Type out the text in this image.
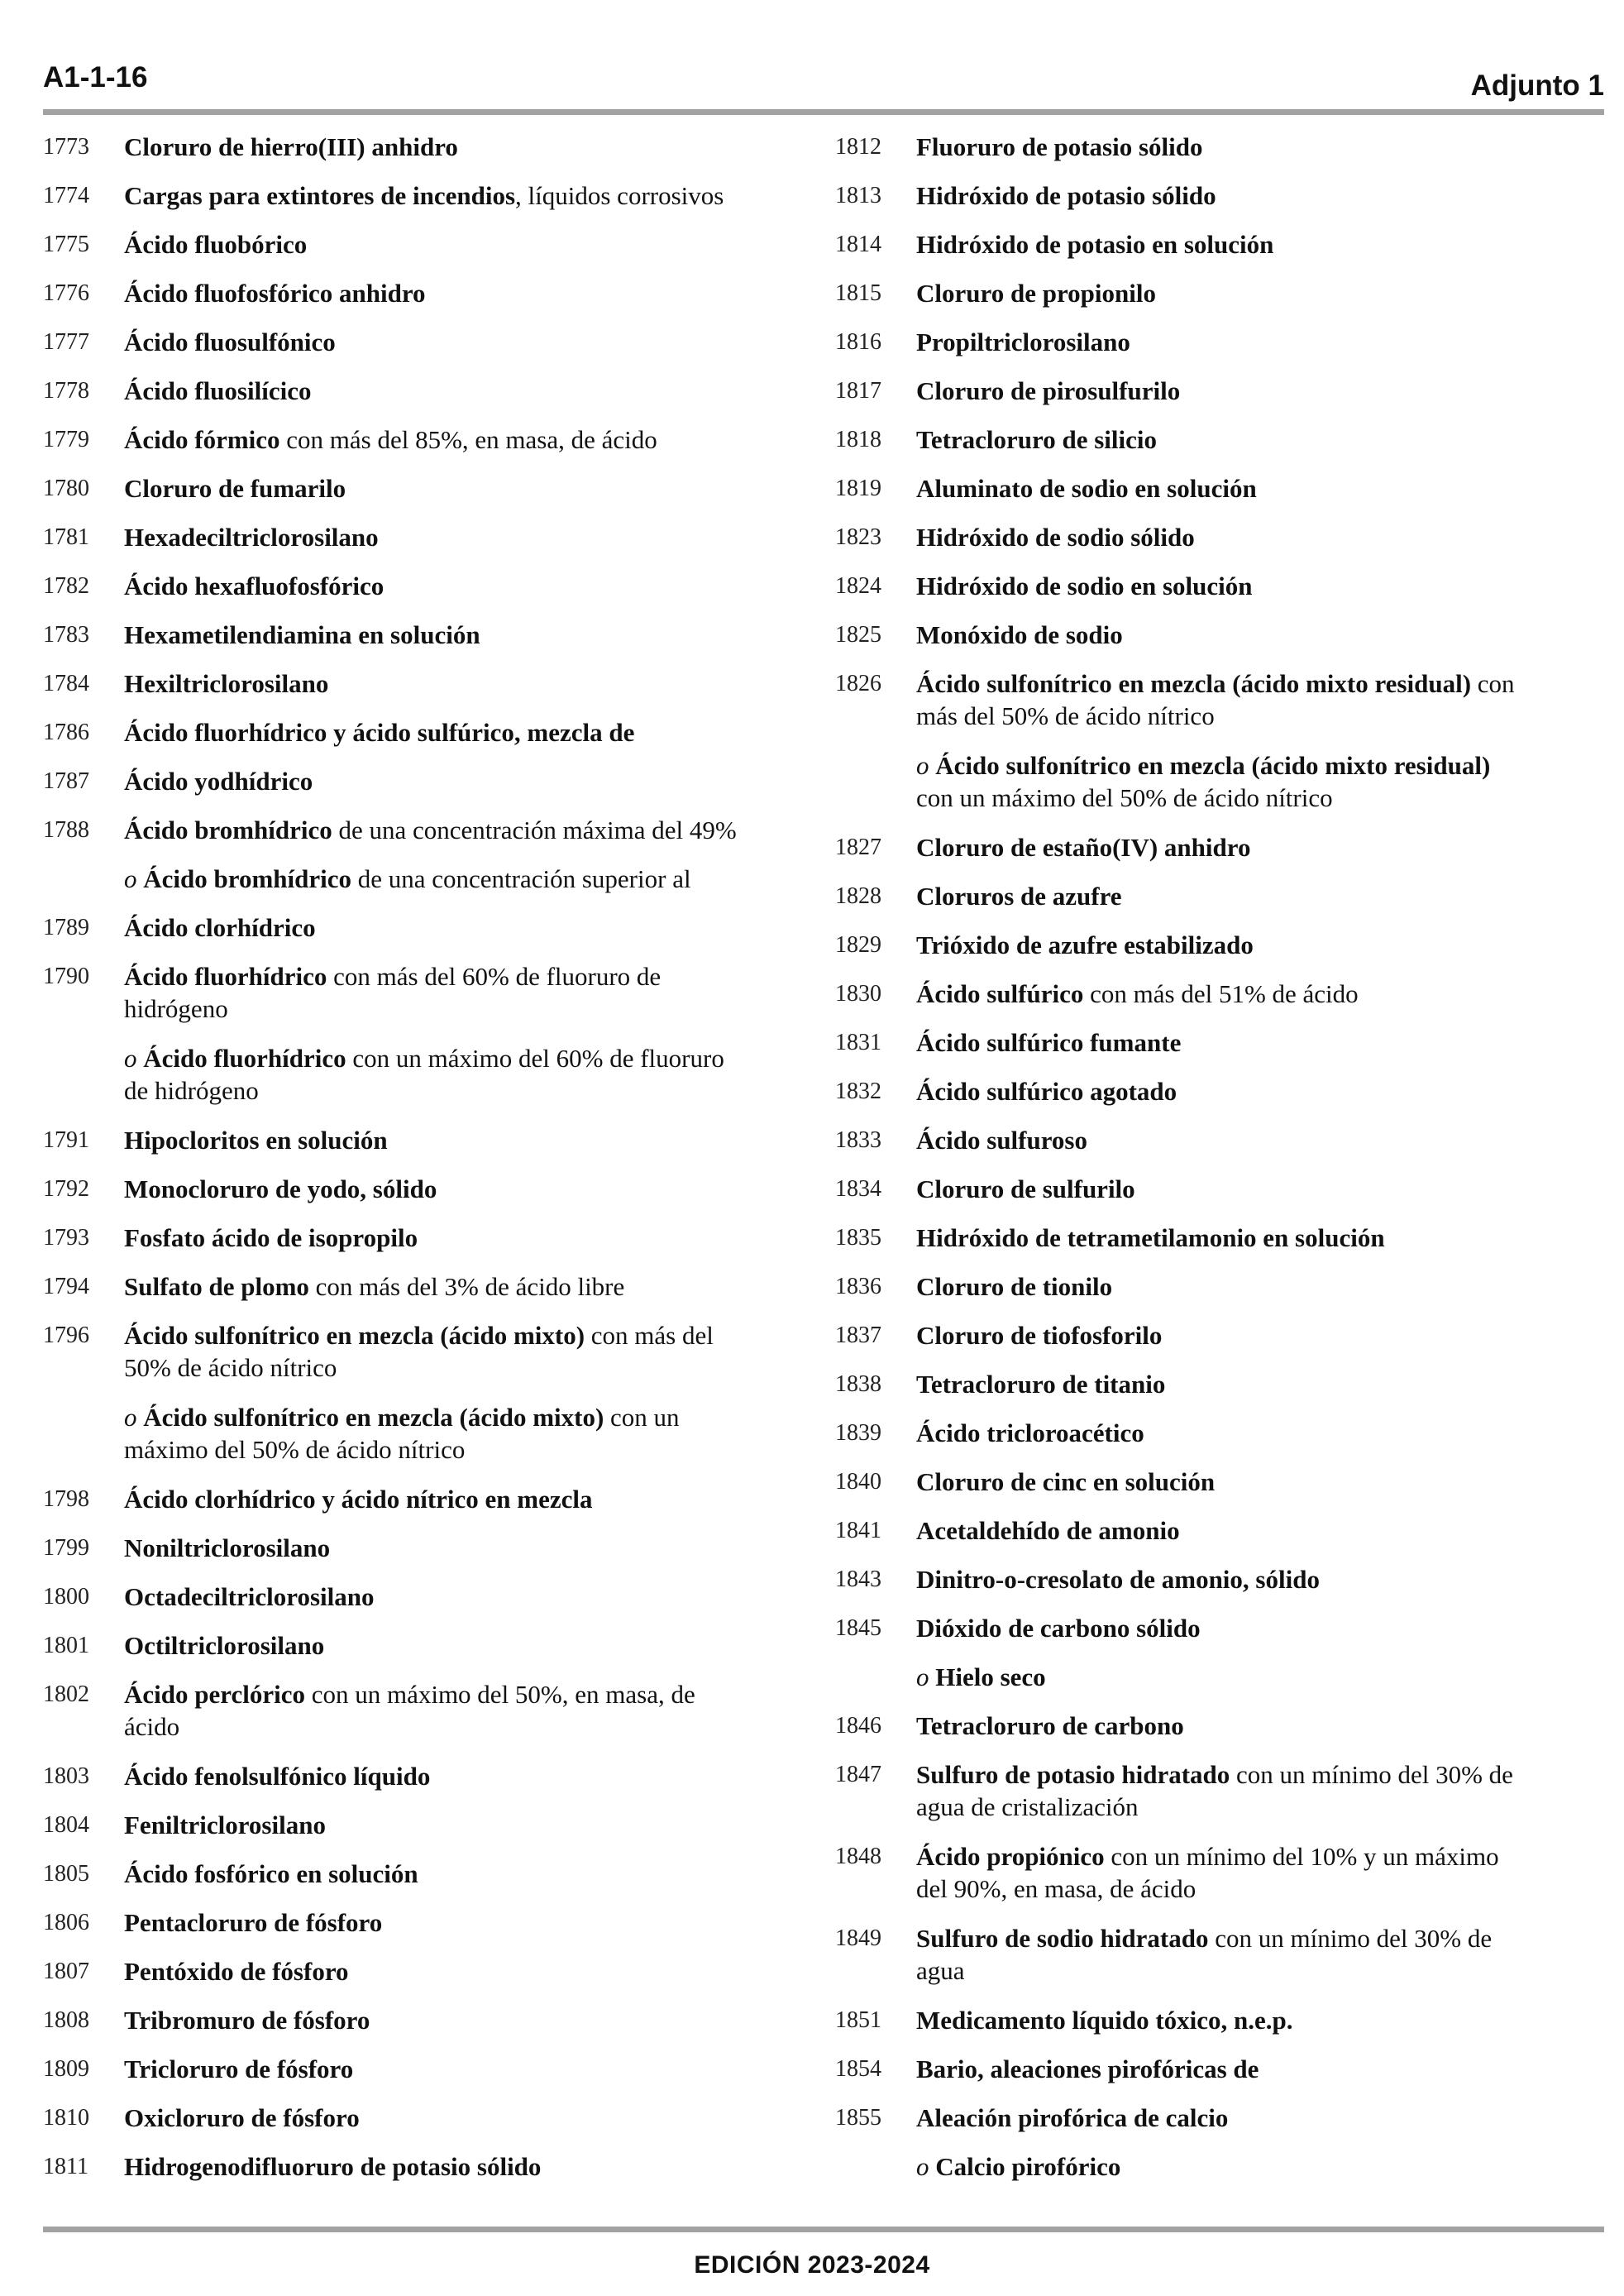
A1-1-16	Adjunto 1
1773	Cloruro de hierro(III) anhidro
1774	Cargas para extintores de incendios, líquidos corrosivos
1775	Ácido fluobórico
1776	Ácido fluofosfórico anhidro
1777	Ácido fluosulfónico
1778	Ácido fluosilícico
1779	Ácido fórmico con más del 85%, en masa, de ácido
1780	Cloruro de fumarilo
1781	Hexadeciltriclorosilano
1782	Ácido hexafluofosfórico
1783	Hexametilendiamina en solución
1784	Hexiltriclorosilano
1786	Ácido fluorhídrico y ácido sulfúrico, mezcla de
1787	Ácido yodhídrico
1788	Ácido bromhídrico de una concentración máxima del 49%
o Ácido bromhídrico de una concentración superior al
1789	Ácido clorhídrico
1790	Ácido fluorhídrico con más del 60% de fluoruro de
hidrógeno
o Ácido fluorhídrico con un máximo del 60% de fluoruro
de hidrógeno
1791	Hipocloritos en solución
1792	Monocloruro de yodo, sólido
1793	Fosfato ácido de isopropilo
1794	Sulfato de plomo con más del 3% de ácido libre
1796	Ácido sulfonítrico en mezcla (ácido mixto) con más del
50% de ácido nítrico
o Ácido sulfonítrico en mezcla (ácido mixto) con un
máximo del 50% de ácido nítrico
1798	Ácido clorhídrico y ácido nítrico en mezcla
1799	Noniltriclorosilano
1800	Octadeciltriclorosilano
1801	Octiltriclorosilano
1802	Ácido perclórico con un máximo del 50%, en masa, de
ácido
1803	Ácido fenolsulfónico líquido
1804	Feniltriclorosilano
1805	Ácido fosfórico en solución
1806	Pentacloruro de fósforo
1807	Pentóxido de fósforo
1808	Tribromuro de fósforo
1809	Tricloruro de fósforo
1810	Oxicloruro de fósforo
1811	Hidrogenodifluoruro de potasio sólido
1812	Fluoruro de potasio sólido
1813	Hidróxido de potasio sólido
1814	Hidróxido de potasio en solución
1815	Cloruro de propionilo
1816	Propiltriclorosilano
1817	Cloruro de pirosulfurilo
1818	Tetracloruro de silicio
1819	Aluminato de sodio en solución
1823	Hidróxido de sodio sólido
1824	Hidróxido de sodio en solución
1825	Monóxido de sodio
1826	Ácido sulfonítrico en mezcla (ácido mixto residual) con
más del 50% de ácido nítrico
o Ácido sulfonítrico en mezcla (ácido mixto residual)
con un máximo del 50% de ácido nítrico
1827	Cloruro de estaño(IV) anhidro
1828	Cloruros de azufre
1829	Trióxido de azufre estabilizado
1830	Ácido sulfúrico con más del 51% de ácido
1831	Ácido sulfúrico fumante
1832	Ácido sulfúrico agotado
1833	Ácido sulfuroso
1834	Cloruro de sulfurilo
1835	Hidróxido de tetrametilamonio en solución
1836	Cloruro de tionilo
1837	Cloruro de tiofosforilo
1838	Tetracloruro de titanio
1839	Ácido tricloroacético
1840	Cloruro de cinc en solución
1841	Acetaldehído de amonio
1843	Dinitro-o-cresolato de amonio, sólido
1845	Dióxido de carbono sólido
o Hielo seco
1846	Tetracloruro de carbono
1847	Sulfuro de potasio hidratado con un mínimo del 30% de
agua de cristalización
1848	Ácido propiónico con un mínimo del 10% y un máximo
del 90%, en masa, de ácido
1849	Sulfuro de sodio hidratado con un mínimo del 30% de
agua
1851	Medicamento líquido tóxico, n.e.p.
1854	Bario, aleaciones pirofóricas de
1855	Aleación pirofórica de calcio
o Calcio pirofórico
EDICIÓN 2023-2024
